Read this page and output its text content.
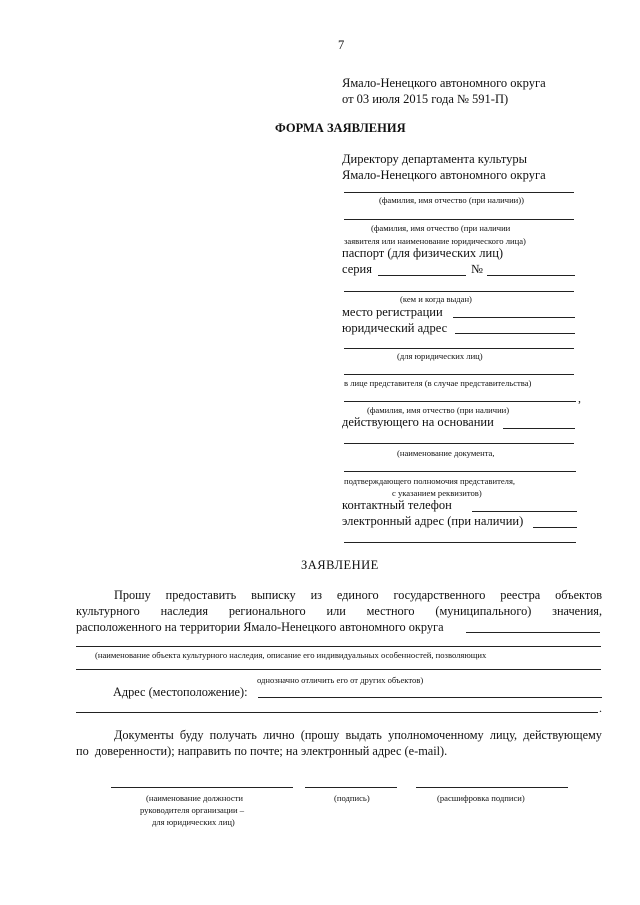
7
Ямало-Ненецкого автономного округа
от 03 июля 2015 года № 591-П)
ФОРМА ЗАЯВЛЕНИЯ
Директору департамента культуры
Ямало-Ненецкого автономного округа
(фамилия, имя отчество (при наличии))
(фамилия, имя отчество (при наличии
заявителя или наименование юридического лица)
паспорт (для физических лиц)
серия	№
(кем и когда выдан)
место регистрации
юридический адрес
(для юридических лиц)
в лице представителя (в случае представительства)
,
(фамилия, имя отчество (при наличии)
действующего на основании
(наименование документа,
подтверждающего полномочия представителя,
с указанием реквизитов)
контактный телефон
электронный адрес (при наличии)
ЗАЯВЛЕНИЕ
Прошу предоставить выписку из единого государственного реестра объектов
культурного наследия регионального или местного (муниципального) значения,
расположенного на территории Ямало-Ненецкого автономного округа
(наименование объекта культурного наследия, описание его индивидуальных особенностей, позволяющих
однозначно отличить его от других объектов)
Адрес (местоположение):
.
Документы буду получать лично (прошу выдать уполномоченному лицу, действующему
по  доверенности); направить по почте; на электронный адрес (e-mail).
(наименование должности
руководителя организации –
для юридических лиц)
(подпись)	(расшифровка подписи)
